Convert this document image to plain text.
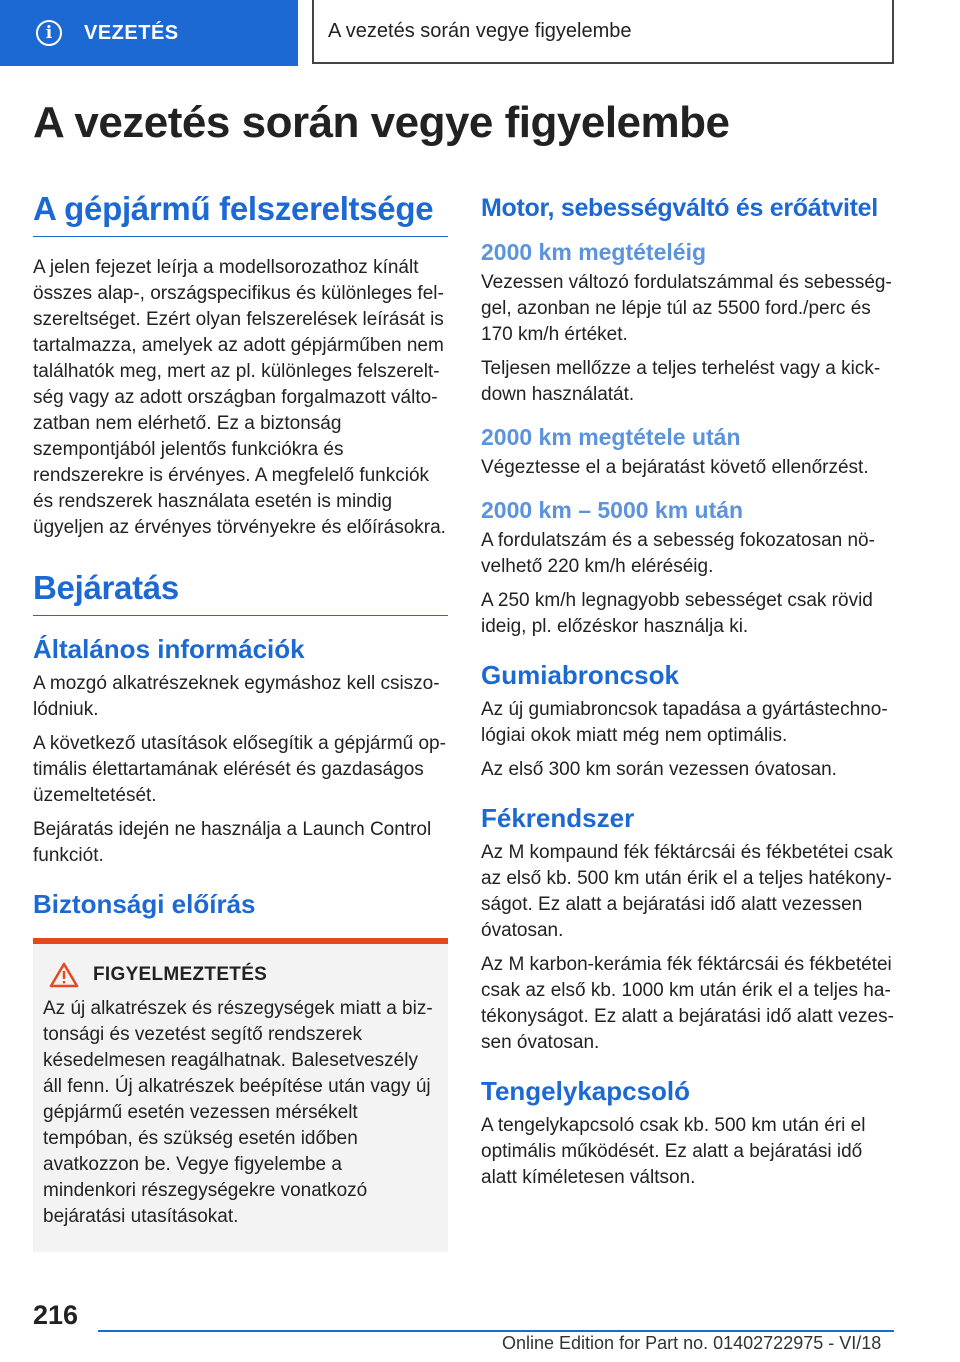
i	VEZETÉS	A vezetés során vegye figyelembe
A vezetés során vegye figyelembe
A gépjármű felszereltsége

A jelen fejezet leírja a modellsorozathoz kínált összes alap-, országspecifikus és különleges felszereltséget. Ezért olyan felszerelések leírását is tartalmazza, amelyek az adott gépjárműben nem találhatók meg, mert az pl. különleges felszereltség vagy az adott országban forgalmazott változatban nem elérhető. Ez a biztonság szempontjából jelentős funkciókra és rendszerekre is érvényes. A megfelelő funkciók és rendszerek használata esetén is mindig ügyeljen az érvényes törvényekre és előírásokra.

Bejáratás
Általános információk

A mozgó alkatrészeknek egymáshoz kell csiszolódniuk.

A következő utasítások elősegítik a gépjármű optimális élettartamának elérését és gazdaságos üzemeltetését.

Bejáratás idején ne használja a Launch Control funkciót.

Biztonsági előírás
FIGYELMEZTETÉS

Az új alkatrészek és részegységek miatt a biztonsági és vezetést segítő rendszerek késedelmesen reagálhatnak. Balesetveszély áll fenn. Új alkatrészek beépítése után vagy új gépjármű esetén vezessen mérsékelt tempóban, és szükség esetén időben avatkozzon be. Vegye figyelembe a mindenkori részegységekre vonatkozó bejáratási utasításokat.

Motor, sebességváltó és erőátvitel
2000 km megtételéig

Vezessen változó fordulatszámmal és sebességgel, azonban ne lépje túl az 5500 ford./perc és 170 km/h értéket.

Teljesen mellőzze a teljes terhelést vagy a kickdown használatát.

2000 km megtétele után

Végeztesse el a bejáratást követő ellenőrzést.

2000 km – 5000 km után

A fordulatszám és a sebesség fokozatosan növelhető 220 km/h eléréséig.

A 250 km/h legnagyobb sebességet csak rövid ideig, pl. előzéskor használja ki.

Gumiabroncsok

Az új gumiabroncsok tapadása a gyártástechnológiai okok miatt még nem optimális.

Az első 300 km során vezessen óvatosan.

Fékrendszer

Az M kompaund fék féktárcsái és fékbetétei csak az első kb. 500 km után érik el a teljes hatékonyságot. Ez alatt a bejáratási idő alatt vezessen óvatosan.

Az M karbon-kerámia fék féktárcsái és fékbetétei csak az első kb. 1000 km után érik el a teljes hatékonyságot. Ez alatt a bejáratási idő alatt vezessen óvatosan.

Tengelykapcsoló

A tengelykapcsoló csak kb. 500 km után éri el optimális működését. Ez alatt a bejáratási idő alatt kíméletesen váltson.

216
Online Edition for Part no. 01402722975 - VI/18
